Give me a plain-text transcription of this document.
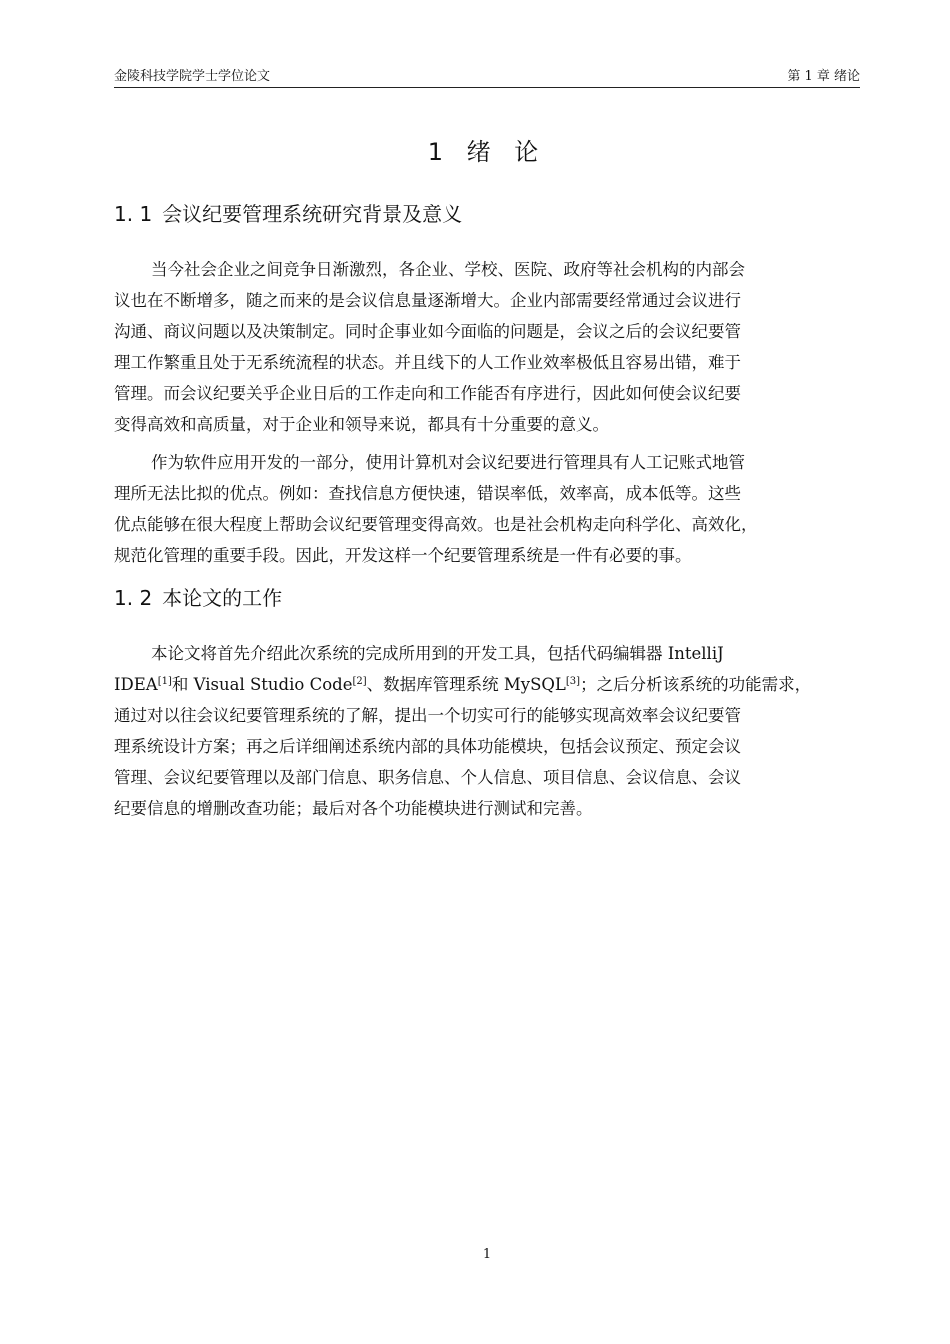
金陵科技学院学士学位论文	第 1 章 绪论
1 绪 论
1. 1 会议纪要管理系统研究背景及意义
当今社会企业之间竞争日渐激烈，各企业、学校、医院、政府等社会机构的内部会
议也在不断增多，随之而来的是会议信息量逐渐增大。企业内部需要经常通过会议进行
沟通、商议问题以及决策制定。同时企事业如今面临的问题是，会议之后的会议纪要管
理工作繁重且处于无系统流程的状态。并且线下的人工作业效率极低且容易出错，难于
管理。而会议纪要关乎企业日后的工作走向和工作能否有序进行，因此如何使会议纪要
变得高效和高质量，对于企业和领导来说，都具有十分重要的意义。
作为软件应用开发的一部分，使用计算机对会议纪要进行管理具有人工记账式地管
理所无法比拟的优点。例如：查找信息方便快速，错误率低，效率高，成本低等。这些
优点能够在很大程度上帮助会议纪要管理变得高效。也是社会机构走向科学化、高效化，
规范化管理的重要手段。因此，开发这样一个纪要管理系统是一件有必要的事。
1. 2 本论文的工作
本论文将首先介绍此次系统的完成所用到的开发工具，包括代码编辑器 IntelliJ
IDEA[1]和 Visual Studio Code[2]、数据库管理系统 MySQL[3]；之后分析该系统的功能需求，
通过对以往会议纪要管理系统的了解，提出一个切实可行的能够实现高效率会议纪要管
理系统设计方案；再之后详细阐述系统内部的具体功能模块，包括会议预定、预定会议
管理、会议纪要管理以及部门信息、职务信息、个人信息、项目信息、会议信息、会议
纪要信息的增删改查功能；最后对各个功能模块进行测试和完善。
1
